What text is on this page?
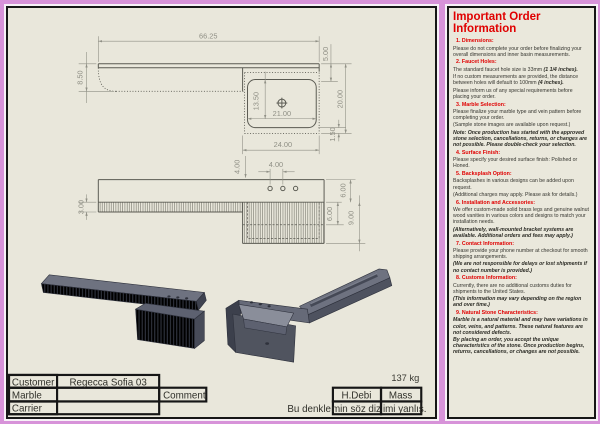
66.25
8.50
5.00
20.00
13.50
21.00
1.50
24.00
4.00	4.00
3.00
6.00
6.00 9.00
137 kg
Customer Regecca Sofia 03
Marble	Comment	H.Debi Mass
Carrier	Bu denkle min söz diz imi yanlış.
Important Order Information
1. Dimensions:
Please do not complete your order before finalizing your overall dimensions and inner basin measurements.
2. Faucet Holes:
The standard faucet hole size is 33mm (1 1/4 inches).
If no custom measurements are provided, the distance between holes will default to 100mm (4 inches).
Please inform us of any special requirements before placing your order.
3. Marble Selection:
Please finalize your marble type and vein pattern before completing your order.
(Sample stone images are available upon request.)
Note: Once production has started with the approved stone selection, cancellations, returns, or changes are not possible. Please double-check your selection.
4. Surface Finish:
Please specify your desired surface finish: Polished or Honed.
5. Backsplash Option:
Backsplashes in various designs can be added upon request.
(Additional charges may apply. Please ask for details.)
6. Installation and Accessories:
We offer custom-made solid brass legs and genuine walnut wood vanities in various colors and designs to match your installation needs.
(Alternatively, wall-mounted bracket systems are available. Additional orders and fees may apply.)
7. Contact Information:
Please provide your phone number at checkout for smooth shipping arrangements.
(We are not responsible for delays or lost shipments if no contact number is provided.)
8. Customs Information:
Currently, there are no additional customs duties for shipments to the United States.
(This information may vary depending on the region and over time.)
9. Natural Stone Characteristics:
Marble is a natural material and may have variations in color, veins, and patterns. These natural features are not considered defects.
By placing an order, you accept the unique characteristics of the stone. Once production begins, returns, cancellations, or changes are not possible.
